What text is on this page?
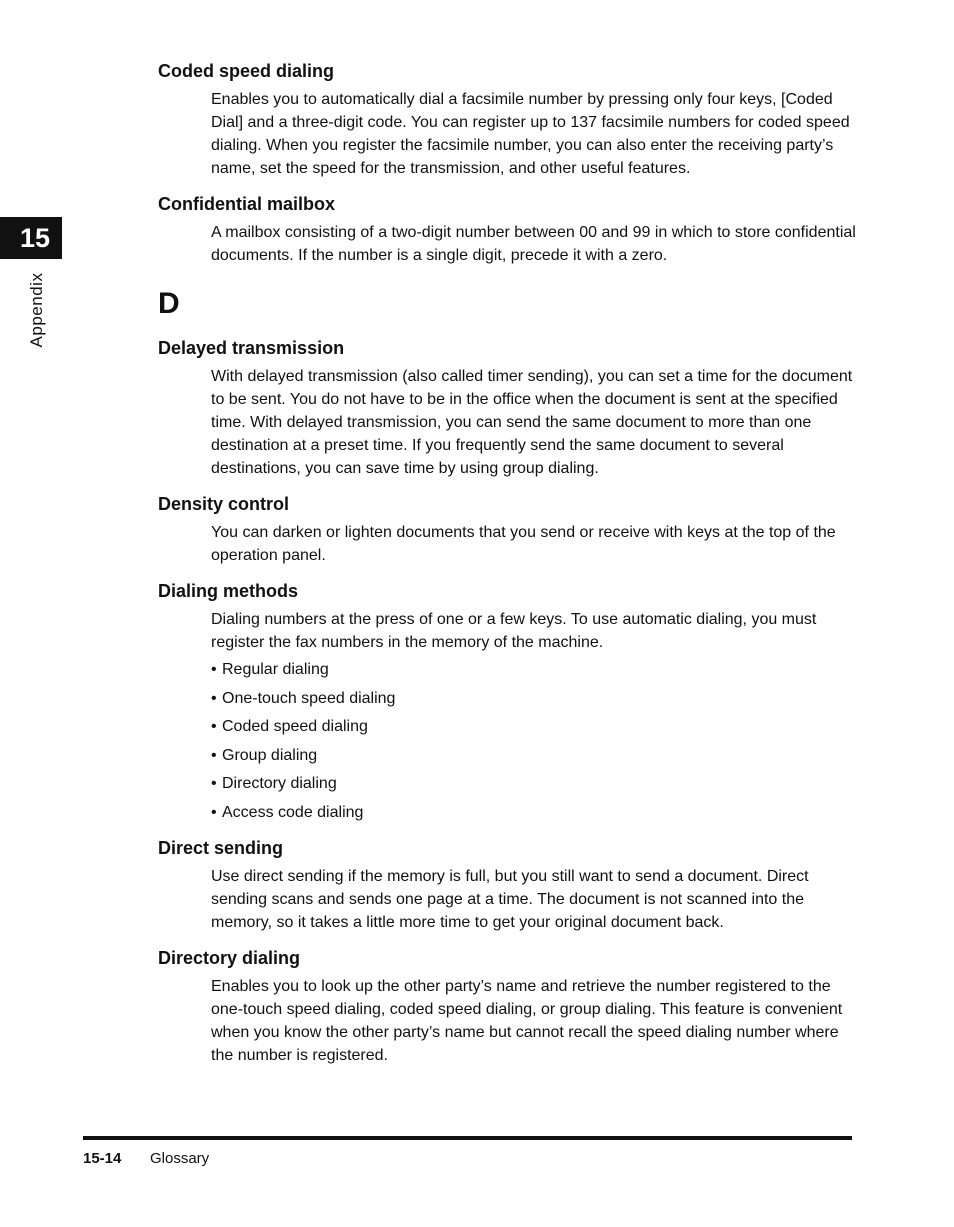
15
Appendix
Coded speed dialing
Enables you to automatically dial a facsimile number by pressing only four keys, [Coded Dial] and a three-digit code. You can register up to 137 facsimile numbers for coded speed dialing. When you register the facsimile number, you can also enter the receiving party’s name, set the speed for the transmission, and other useful features.
Confidential mailbox
A mailbox consisting of a two-digit number between 00 and 99 in which to store confidential documents. If the number is a single digit, precede it with a zero.
D
Delayed transmission
With delayed transmission (also called timer sending), you can set a time for the document to be sent. You do not have to be in the office when the document is sent at the specified time. With delayed transmission, you can send the same document to more than one destination at a preset time. If you frequently send the same document to several destinations, you can save time by using group dialing.
Density control
You can darken or lighten documents that you send or receive with keys at the top of the operation panel.
Dialing methods
Dialing numbers at the press of one or a few keys. To use automatic dialing, you must register the fax numbers in the memory of the machine.
• Regular dialing
• One-touch speed dialing
• Coded speed dialing
• Group dialing
• Directory dialing
• Access code dialing
Direct sending
Use direct sending if the memory is full, but you still want to send a document. Direct sending scans and sends one page at a time. The document is not scanned into the memory, so it takes a little more time to get your original document back.
Directory dialing
Enables you to look up the other party’s name and retrieve the number registered to the one-touch speed dialing, coded speed dialing, or group dialing. This feature is convenient when you know the other party’s name but cannot recall the speed dialing number where the number is registered.
15-14 Glossary
